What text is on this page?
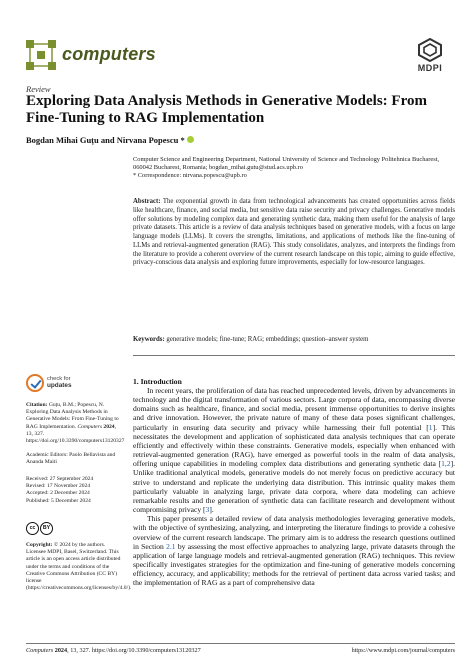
computers
MDPI
Review
Exploring Data Analysis Methods in Generative Models: From Fine-Tuning to RAG Implementation
Bogdan Mihai Guțu and Nirvana Popescu *
Computer Science and Engineering Department, National University of Science and Technology Politehnica Bucharest, 060042 Bucharest, Romania; bogdan_mihai.gutu@stud.acs.upb.ro
* Correspondence: nirvana.popescu@upb.ro
Abstract: The exponential growth in data from technological advancements has created opportunities across fields like healthcare, finance, and social media, but sensitive data raise security and privacy challenges. Generative models offer solutions by modeling complex data and generating synthetic data, making them useful for the analysis of large private datasets. This article is a review of data analysis techniques based on generative models, with a focus on large language models (LLMs). It covers the strengths, limitations, and applications of methods like the fine-tuning of LLMs and retrieval-augmented generation (RAG). This study consolidates, analyzes, and interprets the findings from the literature to provide a coherent overview of the current research landscape on this topic, aiming to guide effective, privacy-conscious data analysis and exploring future improvements, especially for low-resource languages.
Keywords: generative models; fine-tune; RAG; embeddings; question–answer system
check for
updates
Citation: Guțu, B.M.; Popescu, N. Exploring Data Analysis Methods in Generative Models: From Fine-Tuning to RAG Implementation. Computers 2024, 13, 327. https://doi.org/10.3390/computers13120327
Academic Editors: Paolo Bellavista and Ananda Maiti
Received: 27 September 2024
Revised: 17 November 2024
Accepted: 2 December 2024
Published: 5 December 2024
cc	BY
Copyright: © 2024 by the authors. Licensee MDPI, Basel, Switzerland. This article is an open access article distributed under the terms and conditions of the Creative Commons Attribution (CC BY) license (https://creativecommons.org/licenses/by/4.0/).
1. Introduction

In recent years, the proliferation of data has reached unprecedented levels, driven by advancements in technology and the digital transformation of various sectors. Large corpora of data, encompassing diverse domains such as healthcare, finance, and social media, present immense opportunities to derive insights and drive innovation. However, the private nature of many of these data poses significant challenges, particularly in ensuring data security and privacy while harnessing their full potential [1]. This necessitates the development and application of sophisticated data analysis techniques that can operate efficiently and effectively within these constraints. Generative models, especially when enhanced with retrieval-augmented generation (RAG), have emerged as powerful tools in the realm of data analysis, offering unique capabilities in modeling complex data distributions and generating synthetic data [1,2]. Unlike traditional analytical models, generative models do not merely focus on predictive accuracy but strive to understand and replicate the underlying data distribution. This intrinsic quality makes them particularly valuable in analyzing large, private data corpora, where data modeling can achieve remarkable results and the generation of synthetic data can facilitate research and development without compromising privacy [3].

This paper presents a detailed review of data analysis methodologies leveraging generative models, with the objective of synthesizing, analyzing, and interpreting the literature findings to provide a cohesive overview of the current research landscape. The primary aim is to address the research questions outlined in Section 2.1 by assessing the most effective approaches to analyzing large, private datasets through the application of large language models and retrieval-augmented generation (RAG) techniques. This review specifically investigates strategies for the optimization and fine-tuning of generative models concerning efficiency, accuracy, and applicability; methods for the retrieval of pertinent data across varied tasks; and the implementation of RAG as a part of comprehensive data

Computers 2024, 13, 327. https://doi.org/10.3390/computers13120327	https://www.mdpi.com/journal/computers
